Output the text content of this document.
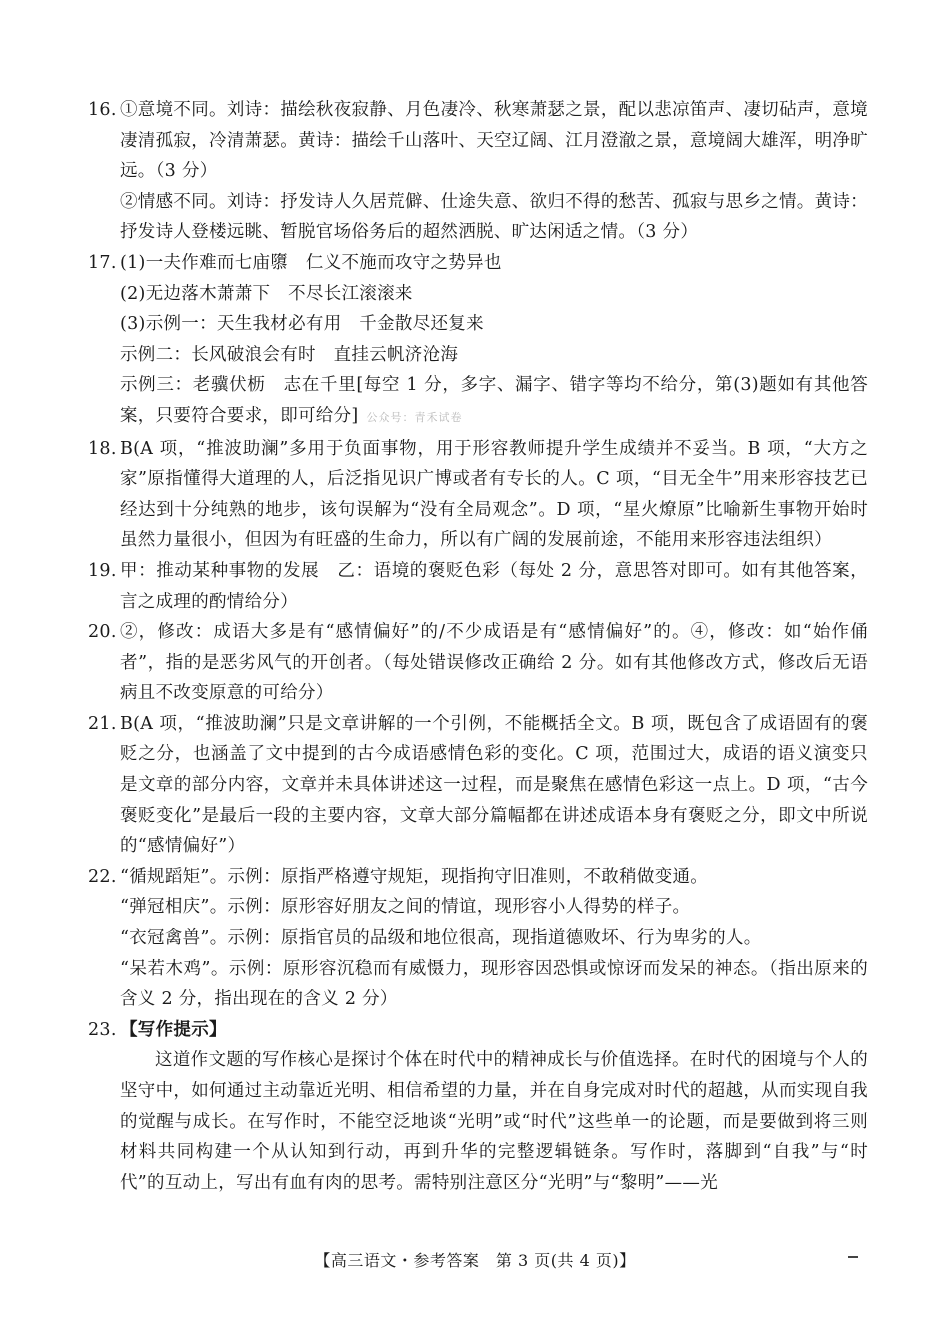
16. ①意境不同。刘诗：描绘秋夜寂静、月色凄冷、秋寒萧瑟之景，配以悲凉笛声、凄切砧声，意境凄清孤寂，冷清萧瑟。黄诗：描绘千山落叶、天空辽阔、江月澄澈之景，意境阔大雄浑，明净旷远。（3 分）
②情感不同。刘诗：抒发诗人久居荒僻、仕途失意、欲归不得的愁苦、孤寂与思乡之情。黄诗：抒发诗人登楼远眺、暂脱官场俗务后的超然洒脱、旷达闲适之情。（3 分）
17. (1)一夫作难而七庙隳　仁义不施而攻守之势异也
(2)无边落木萧萧下　不尽长江滚滚来
(3)示例一：天生我材必有用　千金散尽还复来
示例二：长风破浪会有时　直挂云帆济沧海
示例三：老骥伏枥　志在千里[每空 1 分，多字、漏字、错字等均不给分，第(3)题如有其他答案，只要符合要求，即可给分] 公众号：青禾试卷
18. B(A 项，“推波助澜”多用于负面事物，用于形容教师提升学生成绩并不妥当。B 项，“大方之家”原指懂得大道理的人，后泛指见识广博或者有专长的人。C 项，“目无全牛”用来形容技艺已经达到十分纯熟的地步，该句误解为“没有全局观念”。D 项，“星火燎原”比喻新生事物开始时虽然力量很小，但因为有旺盛的生命力，所以有广阔的发展前途，不能用来形容违法组织）
19. 甲：推动某种事物的发展　乙：语境的褒贬色彩（每处 2 分，意思答对即可。如有其他答案，言之成理的酌情给分）
20. ②，修改：成语大多是有“感情偏好”的/不少成语是有“感情偏好”的。④，修改：如“始作俑者”，指的是恶劣风气的开创者。（每处错误修改正确给 2 分。如有其他修改方式，修改后无语病且不改变原意的可给分）
21. B(A 项，“推波助澜”只是文章讲解的一个引例，不能概括全文。B 项，既包含了成语固有的褒贬之分，也涵盖了文中提到的古今成语感情色彩的变化。C 项，范围过大，成语的语义演变只是文章的部分内容，文章并未具体讲述这一过程，而是聚焦在感情色彩这一点上。D 项，“古今褒贬变化”是最后一段的主要内容，文章大部分篇幅都在讲述成语本身有褒贬之分，即文中所说的“感情偏好”）
22. “循规蹈矩”。示例：原指严格遵守规矩，现指拘守旧准则，不敢稍做变通。
“弹冠相庆”。示例：原形容好朋友之间的情谊，现形容小人得势的样子。
“衣冠禽兽”。示例：原指官员的品级和地位很高，现指道德败坏、行为卑劣的人。
“呆若木鸡”。示例：原形容沉稳而有威慑力，现形容因恐惧或惊讶而发呆的神态。（指出原来的含义 2 分，指出现在的含义 2 分）
23. 【写作提示】
这道作文题的写作核心是探讨个体在时代中的精神成长与价值选择。在时代的困境与个人的坚守中，如何通过主动靠近光明、相信希望的力量，并在自身完成对时代的超越，从而实现自我的觉醒与成长。在写作时，不能空泛地谈“光明”或“时代”这些单一的论题，而是要做到将三则材料共同构建一个从认知到行动，再到升华的完整逻辑链条。写作时，落脚到“自我”与“时代”的互动上，写出有血有肉的思考。需特别注意区分“光明”与“黎明”——光
【高三语文・参考答案　第 3 页(共 4 页)】
